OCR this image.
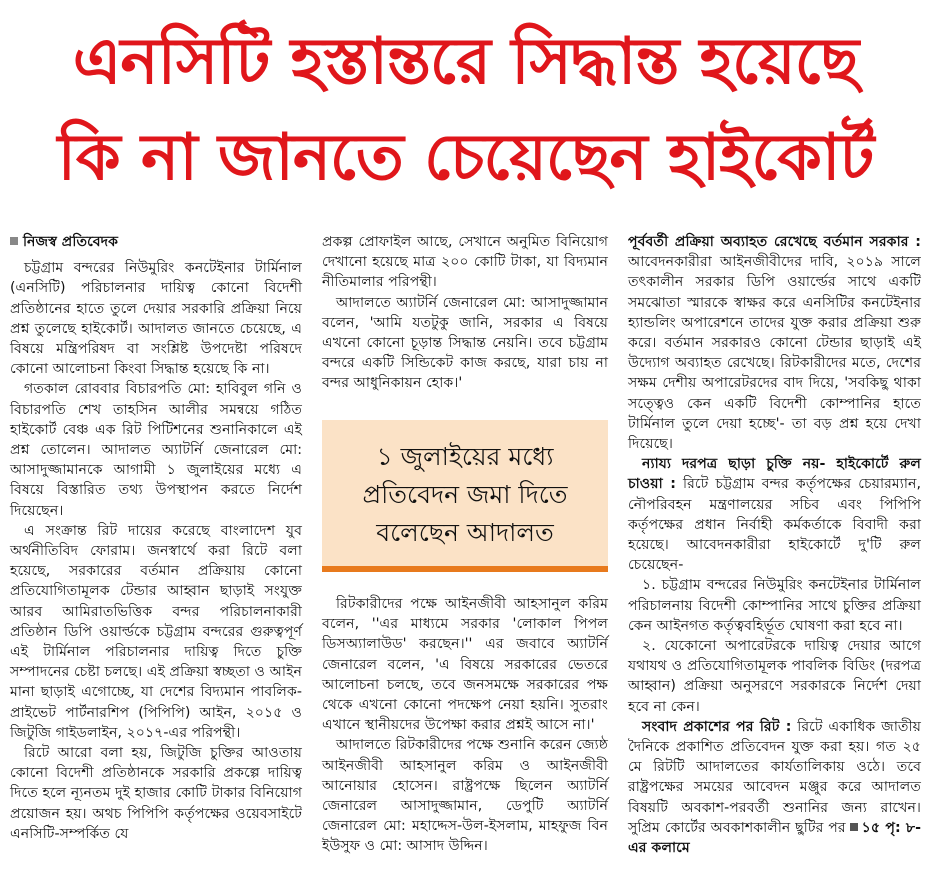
এনসিটি হস্তান্তরে সিদ্ধান্ত হয়েছে
কি না জানতে চেয়েছেন হাইকোর্ট
নিজস্ব প্রতিবেদক

চট্টগ্রাম বন্দরের নিউমুরিং কনটেইনার টার্মিনাল (এনসিটি) পরিচালনার দায়িত্ব কোনো বিদেশী প্রতিষ্ঠানের হাতে তুলে দেয়ার সরকারি প্রক্রিয়া নিয়ে প্রশ্ন তুলেছে হাইকোর্ট। আদালত জানতে চেয়েছে, এ বিষয়ে মন্ত্রিপরিষদ বা সংশ্লিষ্ট উপদেষ্টা পরিষদে কোনো আলোচনা কিংবা সিদ্ধান্ত হয়েছে কি না।

গতকাল রোববার বিচারপতি মো: হাবিবুল গনি ও বিচারপতি শেখ তাহসিন আলীর সমন্বয়ে গঠিত হাইকোর্ট বেঞ্চ এক রিট পিটিশনের শুনানিকালে এই প্রশ্ন তোলেন। আদালত অ্যাটর্নি জেনারেল মো: আসাদুজ্জামানকে আগামী ১ জুলাইয়ের মধ্যে এ বিষয়ে বিস্তারিত তথ্য উপস্থাপন করতে নির্দেশ দিয়েছেন।

এ সংক্রান্ত রিট দায়ের করেছে বাংলাদেশ যুব অর্থনীতিবিদ ফোরাম। জনস্বার্থে করা রিটে বলা হয়েছে, সরকারের বর্তমান প্রক্রিয়ায় কোনো প্রতিযোগিতামূলক টেন্ডার আহ্বান ছাড়াই সংযুক্ত আরব আমিরাতভিত্তিক বন্দর পরিচালনাকারী প্রতিষ্ঠান ডিপি ওয়ার্ল্ডকে চট্টগ্রাম বন্দরের গুরুত্বপূর্ণ এই টার্মিনাল পরিচালনার দায়িত্ব দিতে চুক্তি সম্পাদনের চেষ্টা চলছে। এই প্রক্রিয়া স্বচ্ছতা ও আইন মানা ছাড়াই এগোচ্ছে, যা দেশের বিদ্যমান পাবলিক-প্রাইভেট পার্টনারশিপ (পিপিপি) আইন, ২০১৫ ও জিটুজি গাইডলাইন, ২০১৭-এর পরিপন্থী।

রিটে আরো বলা হয়, জিটুজি চুক্তির আওতায় কোনো বিদেশী প্রতিষ্ঠানকে সরকারি প্রকল্পে দায়িত্ব দিতে হলে ন্যূনতম দুই হাজার কোটি টাকার বিনিয়োগ প্রয়োজন হয়। অথচ পিপিপি কর্তৃপক্ষের ওয়েবসাইটে এনসিটি-সম্পর্কিত যে

প্রকল্প প্রোফাইল আছে, সেখানে অনুমিত বিনিয়োগ দেখানো হয়েছে মাত্র ২০০ কোটি টাকা, যা বিদ্যমান নীতিমালার পরিপন্থী।

আদালতে অ্যাটর্নি জেনারেল মো: আসাদুজ্জামান বলেন, 'আমি যতটুকু জানি, সরকার এ বিষয়ে এখনো কোনো চূড়ান্ত সিদ্ধান্ত নেয়নি। তবে চট্টগ্রাম বন্দরে একটি সিন্ডিকেট কাজ করছে, যারা চায় না বন্দর আধুনিকায়ন হোক।'

১ জুলাইয়ের মধ্যে প্রতিবেদন জমা দিতে বলেছেন আদালত

রিটকারীদের পক্ষে আইনজীবী আহসানুল করিম বলেন, ''এর মাধ্যমে সরকার 'লোকাল পিপল ডিসঅ্যালাউড' করছেন।'' এর জবাবে অ্যাটর্নি জেনারেল বলেন, 'এ বিষয়ে সরকারের ভেতরে আলোচনা চলছে, তবে জনসমক্ষে সরকারের পক্ষ থেকে এখনো কোনো পদক্ষেপ নেয়া হয়নি। সুতরাং এখানে স্থানীয়দের উপেক্ষা করার প্রশ্নই আসে না।'

আদালতে রিটকারীদের পক্ষে শুনানি করেন জ্যেষ্ঠ আইনজীবী আহসানুল করিম ও আইনজীবী আনোয়ার হোসেন। রাষ্ট্রপক্ষে ছিলেন অ্যাটর্নি জেনারেল আসাদুজ্জামান, ডেপুটি অ্যাটর্নি জেনারেল মো: মহাদ্দেস-উল-ইসলাম, মাহফুজ বিন ইউসুফ ও মো: আসাদ উদ্দিন।

পূর্ববর্তী প্রক্রিয়া অব্যাহত রেখেছে বর্তমান সরকার : আবেদনকারীরা আইনজীবীদের দাবি, ২০১৯ সালে তৎকালীন সরকার ডিপি ওয়ার্ল্ডের সাথে একটি সমঝোতা স্মারকে স্বাক্ষর করে এনসিটির কনটেইনার হ্যান্ডলিং অপারেশনে তাদের যুক্ত করার প্রক্রিয়া শুরু করে। বর্তমান সরকারও কোনো টেন্ডার ছাড়াই এই উদ্যোগ অব্যাহত রেখেছে। রিটকারীদের মতে, দেশের সক্ষম দেশীয় অপারেটরদের বাদ দিয়ে, 'সবকিছু থাকা সত্ত্বেও কেন একটি বিদেশী কোম্পানির হাতে টার্মিনাল তুলে দেয়া হচ্ছে'- তা বড় প্রশ্ন হয়ে দেখা দিয়েছে।

ন্যায্য দরপত্র ছাড়া চুক্তি নয়- হাইকোর্টে রুল চাওয়া : রিটে চট্টগ্রাম বন্দর কর্তৃপক্ষের চেয়ারম্যান, নৌপরিবহন মন্ত্রণালয়ের সচিব এবং পিপিপি কর্তৃপক্ষের প্রধান নির্বাহী কর্মকর্তাকে বিবাদী করা হয়েছে। আবেদনকারীরা হাইকোর্টে দু'টি রুল চেয়েছেন-

১. চট্টগ্রাম বন্দরের নিউমুরিং কনটেইনার টার্মিনাল পরিচালনায় বিদেশী কোম্পানির সাথে চুক্তির প্রক্রিয়া কেন আইনগত কর্তৃত্ববহির্ভূত ঘোষণা করা হবে না।

২. যেকোনো অপারেটরকে দায়িত্ব দেয়ার আগে যথাযথ ও প্রতিযোগিতামূলক পাবলিক বিডিং (দরপত্র আহ্বান) প্রক্রিয়া অনুসরণে সরকারকে নির্দেশ দেয়া হবে না কেন।

সংবাদ প্রকাশের পর রিট : রিটে একাধিক জাতীয় দৈনিকে প্রকাশিত প্রতিবেদন যুক্ত করা হয়। গত ২৫ মে রিটটি আদালতের কার্যতালিকায় ওঠে। তবে রাষ্ট্রপক্ষের সময়ের আবেদন মঞ্জুর করে আদালত বিষয়টি অবকাশ-পরবর্তী শুনানির জন্য রাখেন। সুপ্রিম কোর্টের অবকাশকালীন ছুটির পর ১৫ পৃ: ৮-এর কলামে
